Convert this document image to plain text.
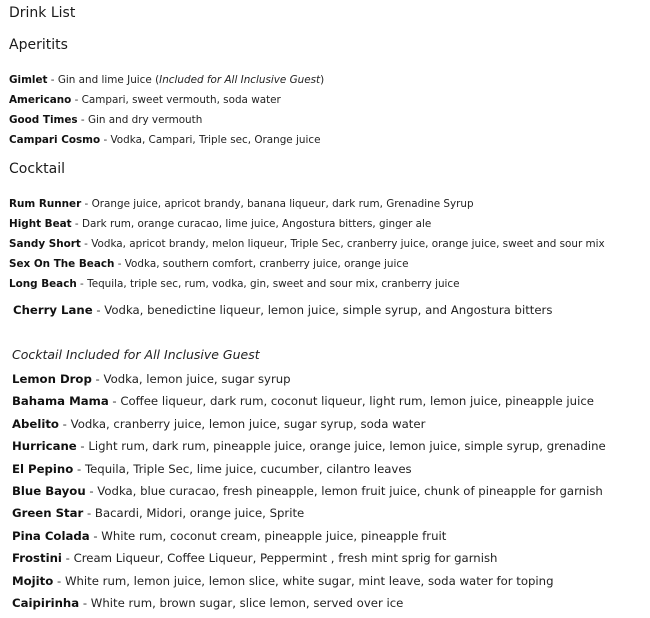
Drink List
Aperitits
Gimlet - Gin and lime Juice (Included for All Inclusive Guest)
Americano - Campari, sweet vermouth, soda water
Good Times - Gin and dry vermouth
Campari Cosmo - Vodka, Campari, Triple sec, Orange juice
Cocktail
Rum Runner - Orange juice, apricot brandy, banana liqueur, dark rum, Grenadine Syrup
Hight Beat - Dark rum, orange curacao, lime juice, Angostura bitters, ginger ale
Sandy Short - Vodka, apricot brandy, melon liqueur, Triple Sec, cranberry juice, orange juice, sweet and sour mix
Sex On The Beach - Vodka, southern comfort, cranberry juice, orange juice
Long Beach - Tequila, triple sec, rum, vodka, gin, sweet and sour mix, cranberry juice
Cherry Lane - Vodka, benedictine liqueur, lemon juice, simple syrup, and Angostura bitters
Cocktail Included for All Inclusive Guest
Lemon Drop - Vodka, lemon juice, sugar syrup
Bahama Mama - Coffee liqueur, dark rum, coconut liqueur, light rum, lemon juice, pineapple juice
Abelito - Vodka, cranberry juice, lemon juice, sugar syrup, soda water
Hurricane - Light rum, dark rum, pineapple juice, orange juice, lemon juice, simple syrup, grenadine
El Pepino - Tequila, Triple Sec, lime juice, cucumber, cilantro leaves
Blue Bayou - Vodka, blue curacao, fresh pineapple, lemon fruit juice, chunk of pineapple for garnish
Green Star - Bacardi, Midori, orange juice, Sprite
Pina Colada - White rum, coconut cream, pineapple juice, pineapple fruit
Frostini - Cream Liqueur, Coffee Liqueur, Peppermint , fresh mint sprig for garnish
Mojito - White rum, lemon juice, lemon slice, white sugar, mint leave, soda water for toping
Caipirinha - White rum, brown sugar, slice lemon, served over ice
